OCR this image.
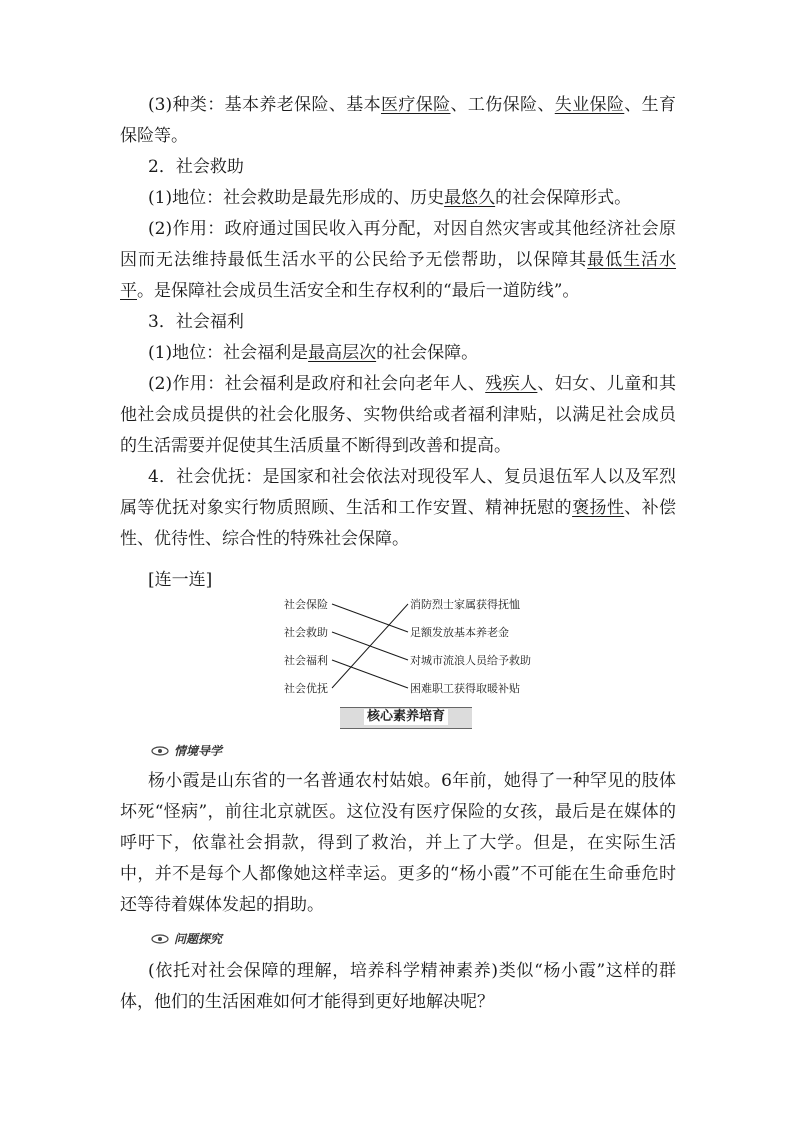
(3)种类：基本养老保险、基本医疗保险、工伤保险、失业保险、生育保险等。

2．社会救助

(1)地位：社会救助是最先形成的、历史最悠久的社会保障形式。

(2)作用：政府通过国民收入再分配，对因自然灾害或其他经济社会原因而无法维持最低生活水平的公民给予无偿帮助，以保障其最低生活水平。是保障社会成员生活安全和生存权利的“最后一道防线”。

3．社会福利

(1)地位：社会福利是最高层次的社会保障。

(2)作用：社会福利是政府和社会向老年人、残疾人、妇女、儿童和其他社会成员提供的社会化服务、实物供给或者福利津贴，以满足社会成员的生活需要并促使其生活质量不断得到改善和提高。

4．社会优抚：是国家和社会依法对现役军人、复员退伍军人以及军烈属等优抚对象实行物质照顾、生活和工作安置、精神抚慰的褒扬性、补偿性、优待性、综合性的特殊社会保障。

[连一连]

社会保险
社会救助
社会福利
社会优抚
消防烈士家属获得抚恤
足额发放基本养老金
对城市流浪人员给予救助
困难职工获得取暖补贴
核心素养培育
情境导学

杨小霞是山东省的一名普通农村姑娘。6年前，她得了一种罕见的肢体坏死“怪病”，前往北京就医。这位没有医疗保险的女孩，最后是在媒体的呼吁下，依靠社会捐款，得到了救治，并上了大学。但是，在实际生活中，并不是每个人都像她这样幸运。更多的“杨小霞”不可能在生命垂危时还等待着媒体发起的捐助。

问题探究

(依托对社会保障的理解，培养科学精神素养)类似“杨小霞”这样的群体，他们的生活困难如何才能得到更好地解决呢？
